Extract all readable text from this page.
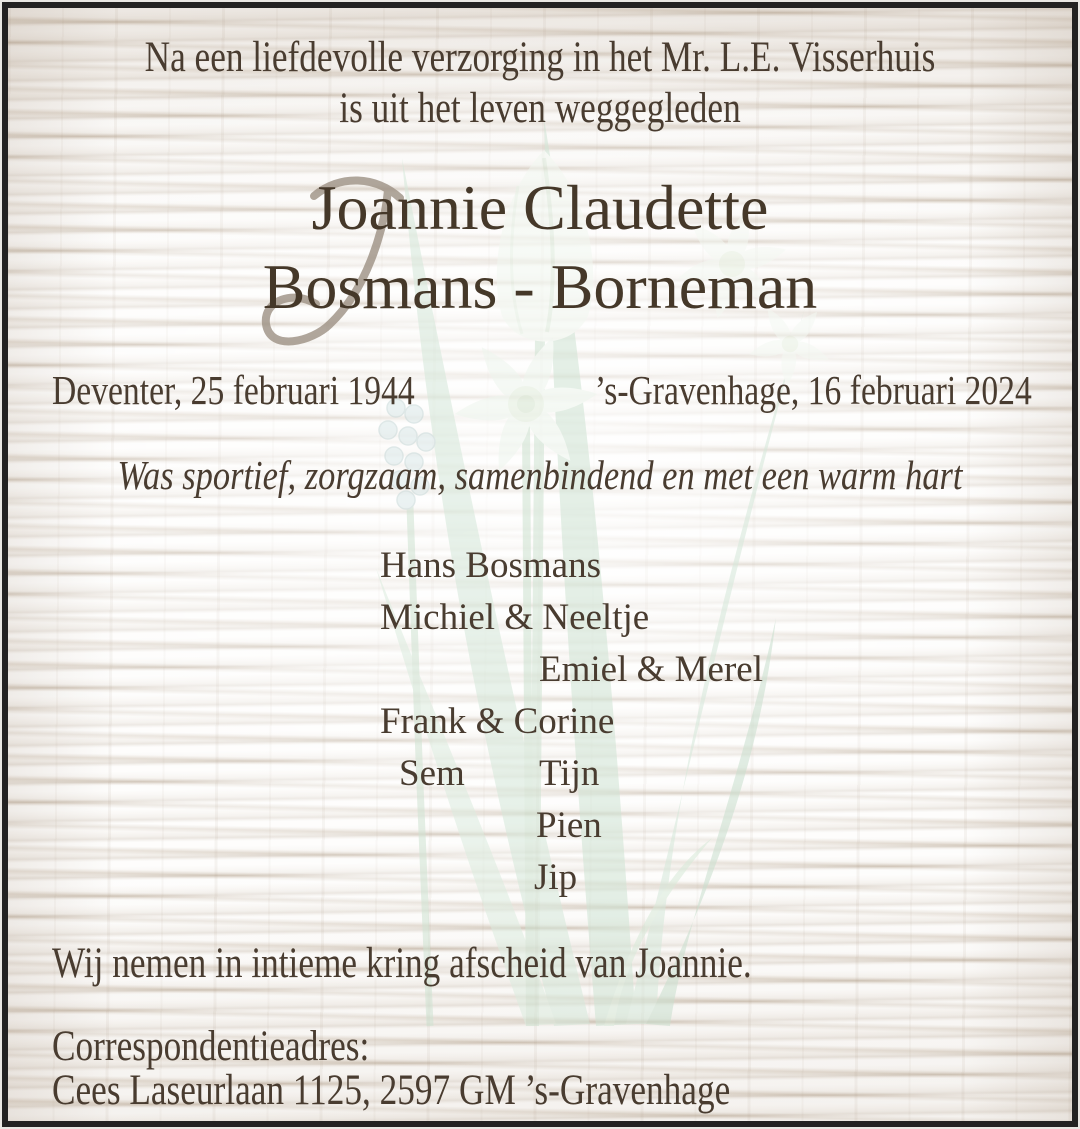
Na een liefdevolle verzorging in het Mr. L.E. Visserhuis
is uit het leven weggegleden
Joannie Claudette
Bosmans - Borneman
Deventer, 25 februari 1944	’s-Gravenhage, 16 februari 2024
Was sportief, zorgzaam, samenbindend en met een warm hart
Hans Bosmans
Michiel & Neeltje
Emiel & Merel
Frank & Corine
Sem Tijn
Pien
Jip
Wij nemen in intieme kring afscheid van Joannie.
Correspondentieadres:
Cees Laseurlaan 1125, 2597 GM ’s-Gravenhage
